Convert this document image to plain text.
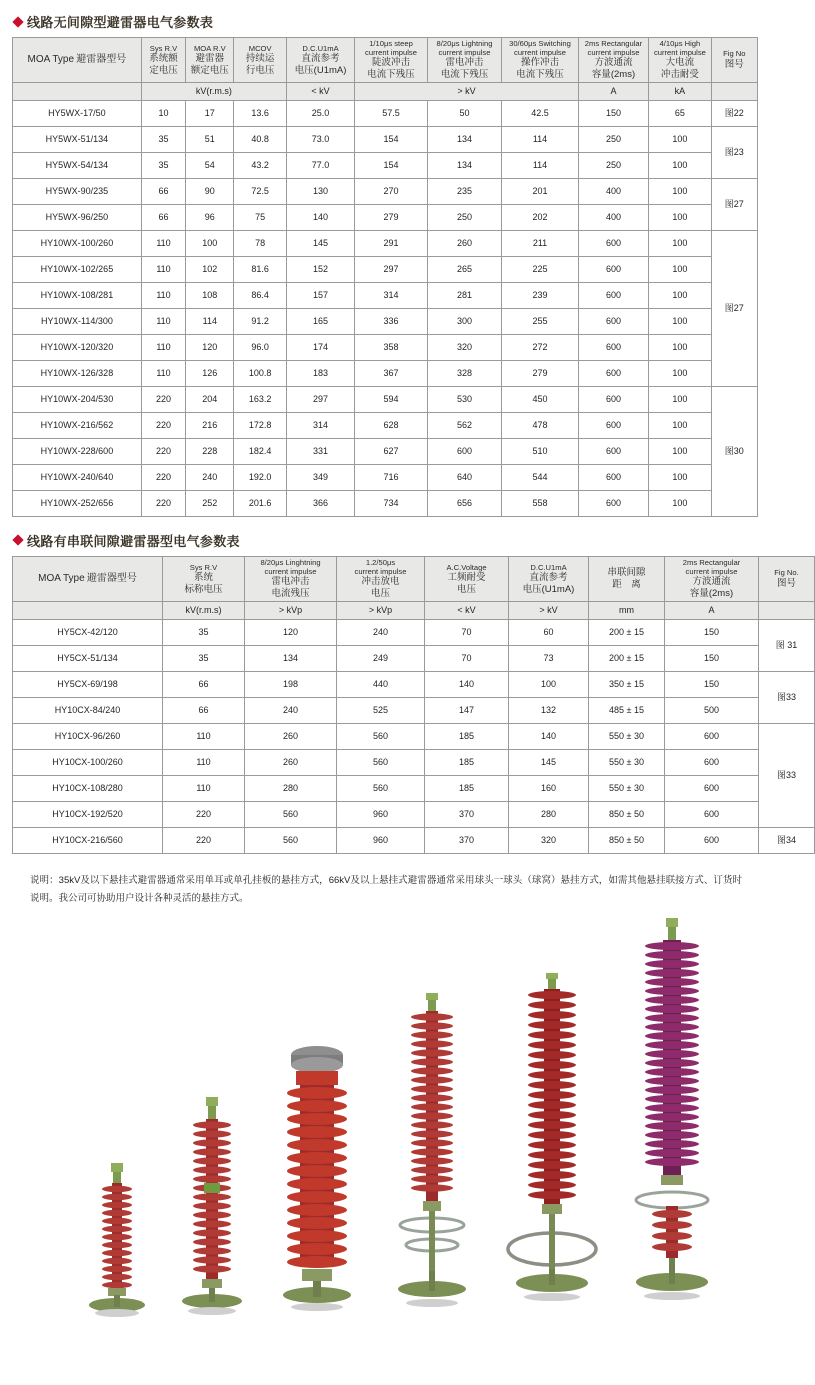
线路无间隙型避雷器电气参数表
MOA Type 避雷器型号	Sys R.V
系统额
定电压	MOA R.V
避雷器
额定电压	MCOV
持续运
行电压	D.C.U1mA
直流参考
电压(U1mA)	1/10μs steep
current impulse
陡波冲击
电流下残压	8/20μs Lightning
current impulse
雷电冲击
电流下残压	30/60μs Switching
current impulse
操作冲击
电流下残压	2ms Rectangular
current impulse
方波通流
容量(2ms)	4/10μs High
current impulse
大电流
冲击耐受	Fig No
图号

	kV(r.m.s)			< kV	> kV			A	kA	
HY5WX-17/50	10	17	13.6	25.0	57.5	50	42.5	150	65	图22
HY5WX-51/134	35	51	40.8	73.0	154	134	114	250	100	图23
HY5WX-54/134	35	54	43.2	77.0	154	134	114	250	100	
HY5WX-90/235	66	90	72.5	130	270	235	201	400	100	图27
HY5WX-96/250	66	96	75	140	279	250	202	400	100	
HY10WX-100/260	110	100	78	145	291	260	211	600	100	图27
HY10WX-102/265	110	102	81.6	152	297	265	225	600	100	
HY10WX-108/281	110	108	86.4	157	314	281	239	600	100	
HY10WX-114/300	110	114	91.2	165	336	300	255	600	100	
HY10WX-120/320	110	120	96.0	174	358	320	272	600	100	
HY10WX-126/328	110	126	100.8	183	367	328	279	600	100	
HY10WX-204/530	220	204	163.2	297	594	530	450	600	100	图30
HY10WX-216/562	220	216	172.8	314	628	562	478	600	100	
HY10WX-228/600	220	228	182.4	331	627	600	510	600	100	
HY10WX-240/640	220	240	192.0	349	716	640	544	600	100	
HY10WX-252/656	220	252	201.6	366	734	656	558	600	100	
线路有串联间隙避雷器型电气参数表
MOA Type 避雷器型号	Sys R.V
系统
标称电压	8/20μs Linghtning
current impulse
雷电冲击
电流残压	1.2/50μs
current impulse
冲击放电
电压	A.C.Voltage
工频耐受
电压	D.C.U1mA
直流参考
电压(U1mA)	串联间隙
距　离	2ms Rectangular
current impulse
方波通流
容量(2ms)	Fig No.
图号

	kV(r.m.s)	> kVp	> kVp	< kV	> kV	mm	A	
HY5CX-42/120	35	120	240	70	60	200 ± 15	150	图 31
HY5CX-51/134	35	134	249	70	73	200 ± 15	150	
HY5CX-69/198	66	198	440	140	100	350 ± 15	150	图33
HY10CX-84/240	66	240	525	147	132	485 ± 15	500	
HY10CX-96/260	110	260	560	185	140	550 ± 30	600	图33
HY10CX-100/260	110	260	560	185	145	550 ± 30	600	
HY10CX-108/280	110	280	560	185	160	550 ± 30	600	
HY10CX-192/520	220	560	960	370	280	850 ± 50	600	
HY10CX-216/560	220	560	960	370	320	850 ± 50	600	图34

说明：35kV及以下悬挂式避雷器通常采用单耳或单孔挂板的悬挂方式，66kV及以上悬挂式避雷器通常采用球头一球头（球窝）悬挂方式，如需其他悬挂联接方式、订货时说明。我公司可协助用户设计各种灵活的悬挂方式。
